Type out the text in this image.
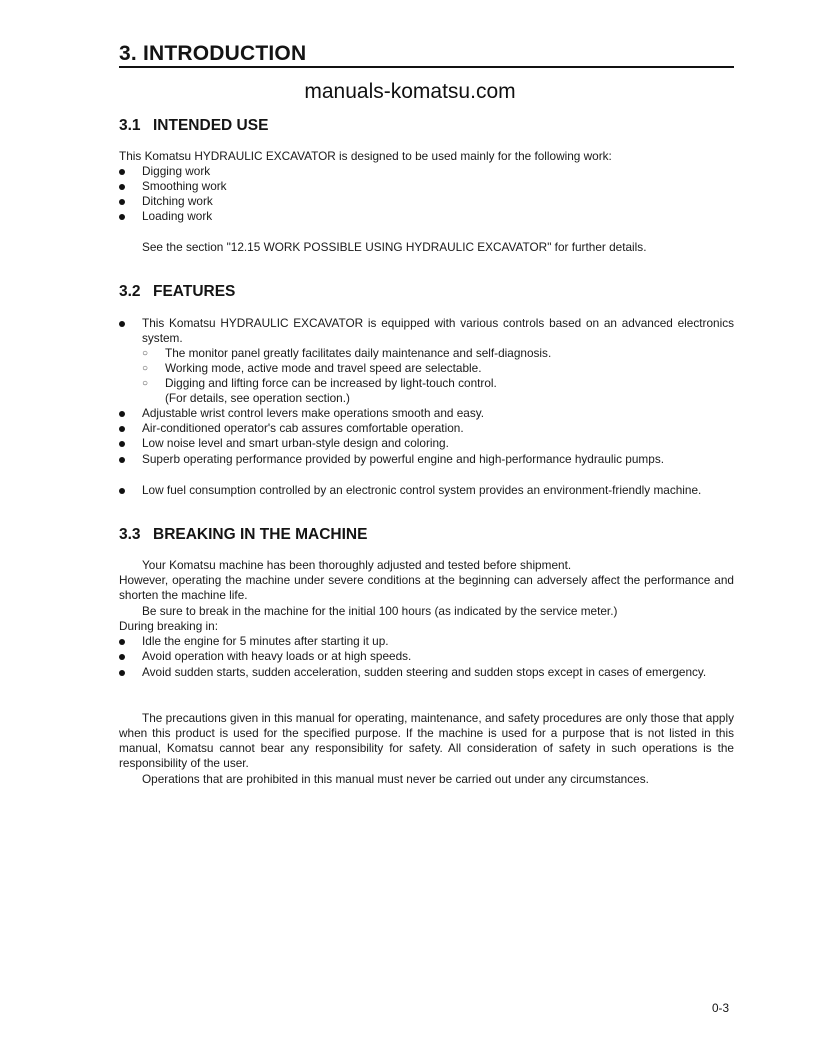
3. INTRODUCTION
manuals-komatsu.com
3.1 INTENDED USE
This Komatsu HYDRAULIC EXCAVATOR is designed to be used mainly for the following work:
Digging work
Smoothing work
Ditching work
Loading work
See the section "12.15 WORK POSSIBLE USING HYDRAULIC EXCAVATOR" for further details.
3.2 FEATURES
This Komatsu HYDRAULIC EXCAVATOR is equipped with various controls based on an advanced electronics system.
○ The monitor panel greatly facilitates daily maintenance and self-diagnosis.
○ Working mode, active mode and travel speed are selectable.
○ Digging and lifting force can be increased by light-touch control.
(For details, see operation section.)
Adjustable wrist control levers make operations smooth and easy.
Air-conditioned operator's cab assures comfortable operation.
Low noise level and smart urban-style design and coloring.
Superb operating performance provided by powerful engine and high-performance hydraulic pumps.
Low fuel consumption controlled by an electronic control system provides an environment-friendly machine.
3.3 BREAKING IN THE MACHINE
Your Komatsu machine has been thoroughly adjusted and tested before shipment.
However, operating the machine under severe conditions at the beginning can adversely affect the performance and shorten the machine life.
Be sure to break in the machine for the initial 100 hours (as indicated by the service meter.)
During breaking in:
Idle the engine for 5 minutes after starting it up.
Avoid operation with heavy loads or at high speeds.
Avoid sudden starts, sudden acceleration, sudden steering and sudden stops except in cases of emergency.
The precautions given in this manual for operating, maintenance, and safety procedures are only those that apply when this product is used for the specified purpose. If the machine is used for a purpose that is not listed in this manual, Komatsu cannot bear any responsibility for safety. All consideration of safety in such operations is the responsibility of the user.
Operations that are prohibited in this manual must never be carried out under any circumstances.
0-3
